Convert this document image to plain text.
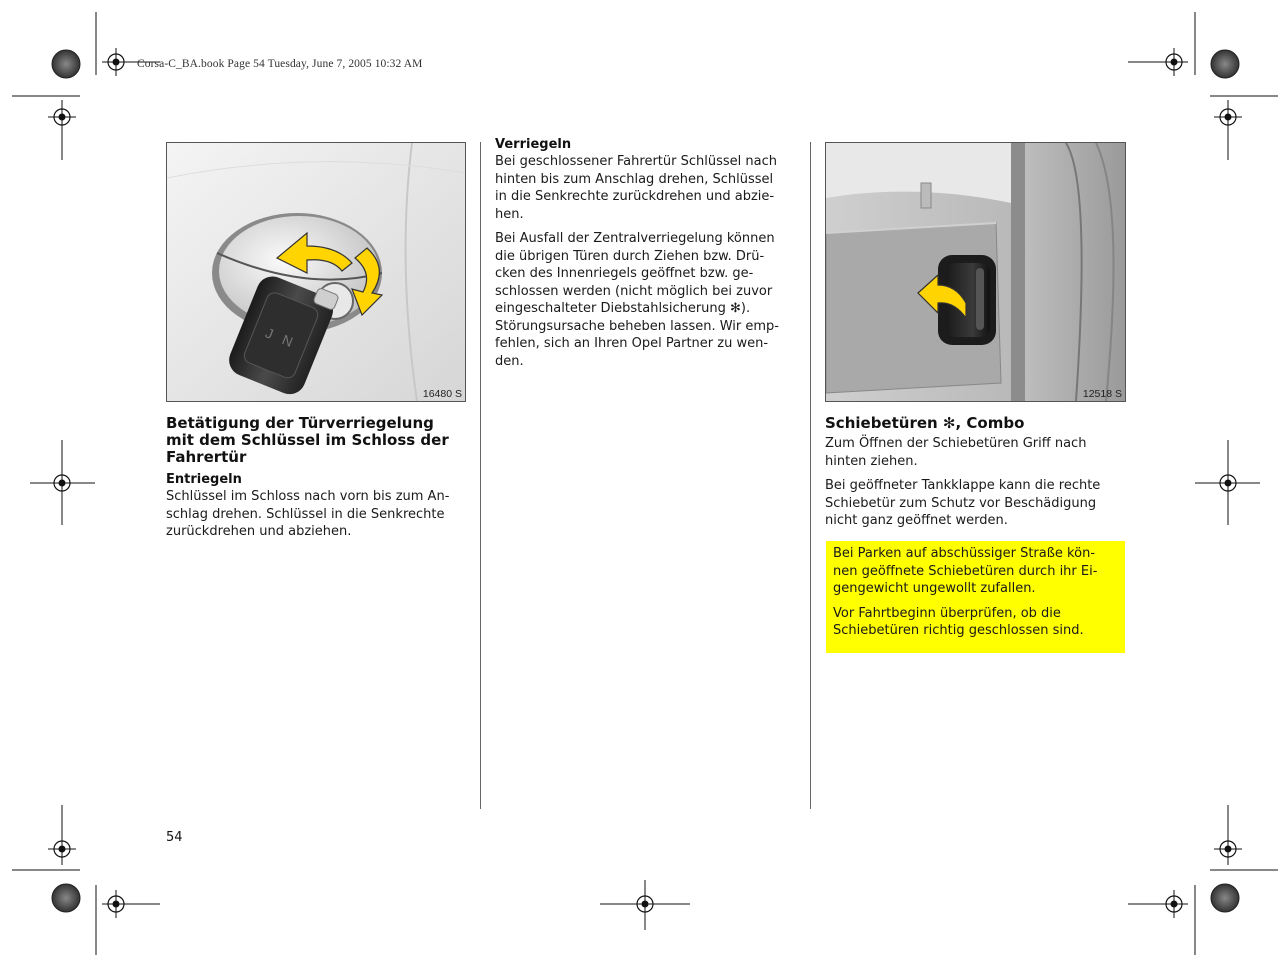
Corsa-C_BA.book Page 54 Tuesday, June 7, 2005 10:32 AM
J N
16480 S
Betätigung der Türverriegelung
mit dem Schlüssel im Schloss der
Fahrertür
Entriegeln
Schlüssel im Schloss nach vorn bis zum An-
schlag drehen. Schlüssel in die Senkrechte
zurückdrehen und abziehen.
Verriegeln
Bei geschlossener Fahrertür Schlüssel nach
hinten bis zum Anschlag drehen, Schlüssel
in die Senkrechte zurückdrehen und abzie-
hen.
Bei Ausfall der Zentralverriegelung können
die übrigen Türen durch Ziehen bzw. Drü-
cken des Innenriegels geöffnet bzw. ge-
schlossen werden (nicht möglich bei zuvor
eingeschalteter Diebstahlsicherung ✻).
Störungsursache beheben lassen. Wir emp-
fehlen, sich an Ihren Opel Partner zu wen-
den.
12518 S
Schiebetüren ✻, Combo
Zum Öffnen der Schiebetüren Griff nach
hinten ziehen.
Bei geöffneter Tankklappe kann die rechte
Schiebetür zum Schutz vor Beschädigung
nicht ganz geöffnet werden.

Bei Parken auf abschüssiger Straße kön-
nen geöffnete Schiebetüren durch ihr Ei-
gengewicht ungewollt zufallen.

Vor Fahrtbeginn überprüfen, ob die
Schiebetüren richtig geschlossen sind.

54
